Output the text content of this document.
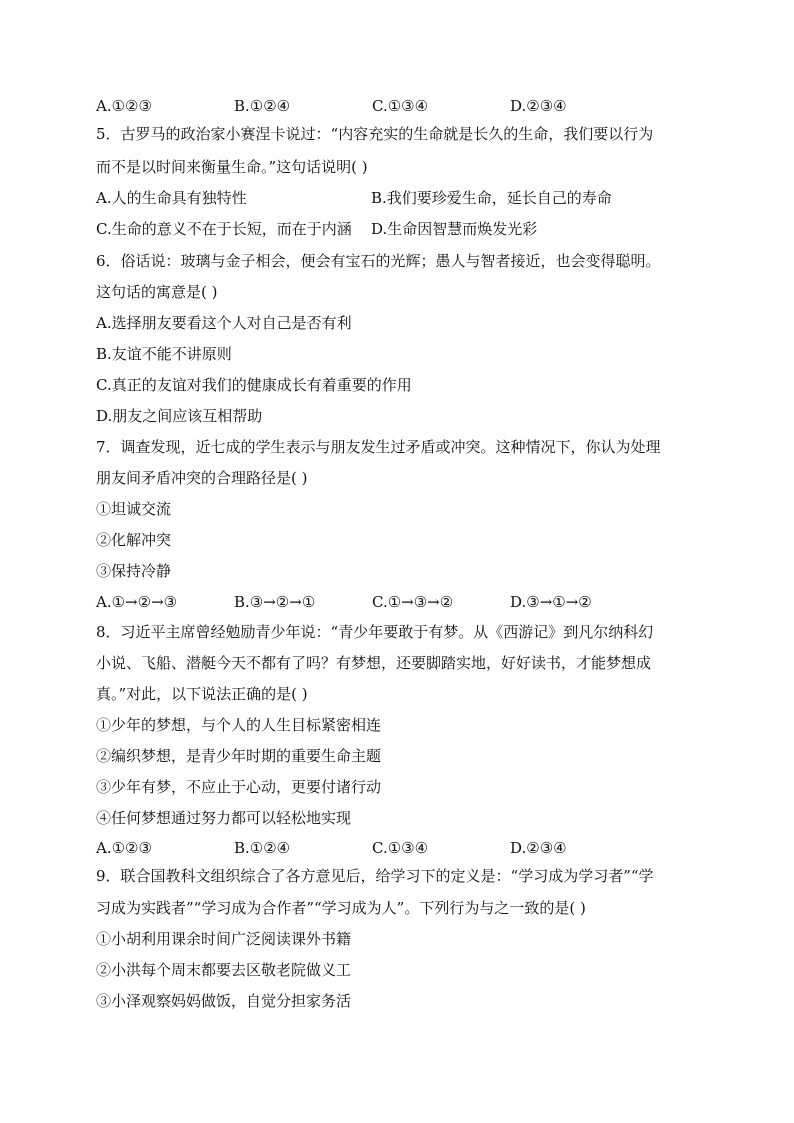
A.①②③	B.①②④	C.①③④	D.②③④
5．古罗马的政治家小赛涅卡说过：“内容充实的生命就是长久的生命，我们要以行为
而不是以时间来衡量生命。”这句话说明( )
A.人的生命具有独特性	B.我们要珍爱生命，延长自己的寿命
C.生命的意义不在于长短，而在于内涵 D.生命因智慧而焕发光彩
6．俗话说：玻璃与金子相会，便会有宝石的光辉；愚人与智者接近，也会变得聪明。
这句话的寓意是( )
A.选择朋友要看这个人对自己是否有利
B.友谊不能不讲原则
C.真正的友谊对我们的健康成长有着重要的作用
D.朋友之间应该互相帮助
7．调查发现，近七成的学生表示与朋友发生过矛盾或冲突。这种情况下，你认为处理
朋友间矛盾冲突的合理路径是( )
①坦诚交流
②化解冲突
③保持冷静
A.①→②→③	B.③→②→①	C.①→③→②	D.③→①→②
8．习近平主席曾经勉励青少年说：“青少年要敢于有梦。从《西游记》到凡尔纳科幻
小说、飞船、潜艇今天不都有了吗？有梦想，还要脚踏实地，好好读书，才能梦想成
真。”对此，以下说法正确的是( )
①少年的梦想，与个人的人生目标紧密相连
②编织梦想，是青少年时期的重要生命主题
③少年有梦，不应止于心动，更要付诸行动
④任何梦想通过努力都可以轻松地实现
A.①②③	B.①②④	C.①③④	D.②③④
9．联合国教科文组织综合了各方意见后，给学习下的定义是：“学习成为学习者”“学
习成为实践者”“学习成为合作者”“学习成为人”。下列行为与之一致的是( )
①小胡利用课余时间广泛阅读课外书籍
②小洪每个周末都要去区敬老院做义工
③小泽观察妈妈做饭，自觉分担家务活
